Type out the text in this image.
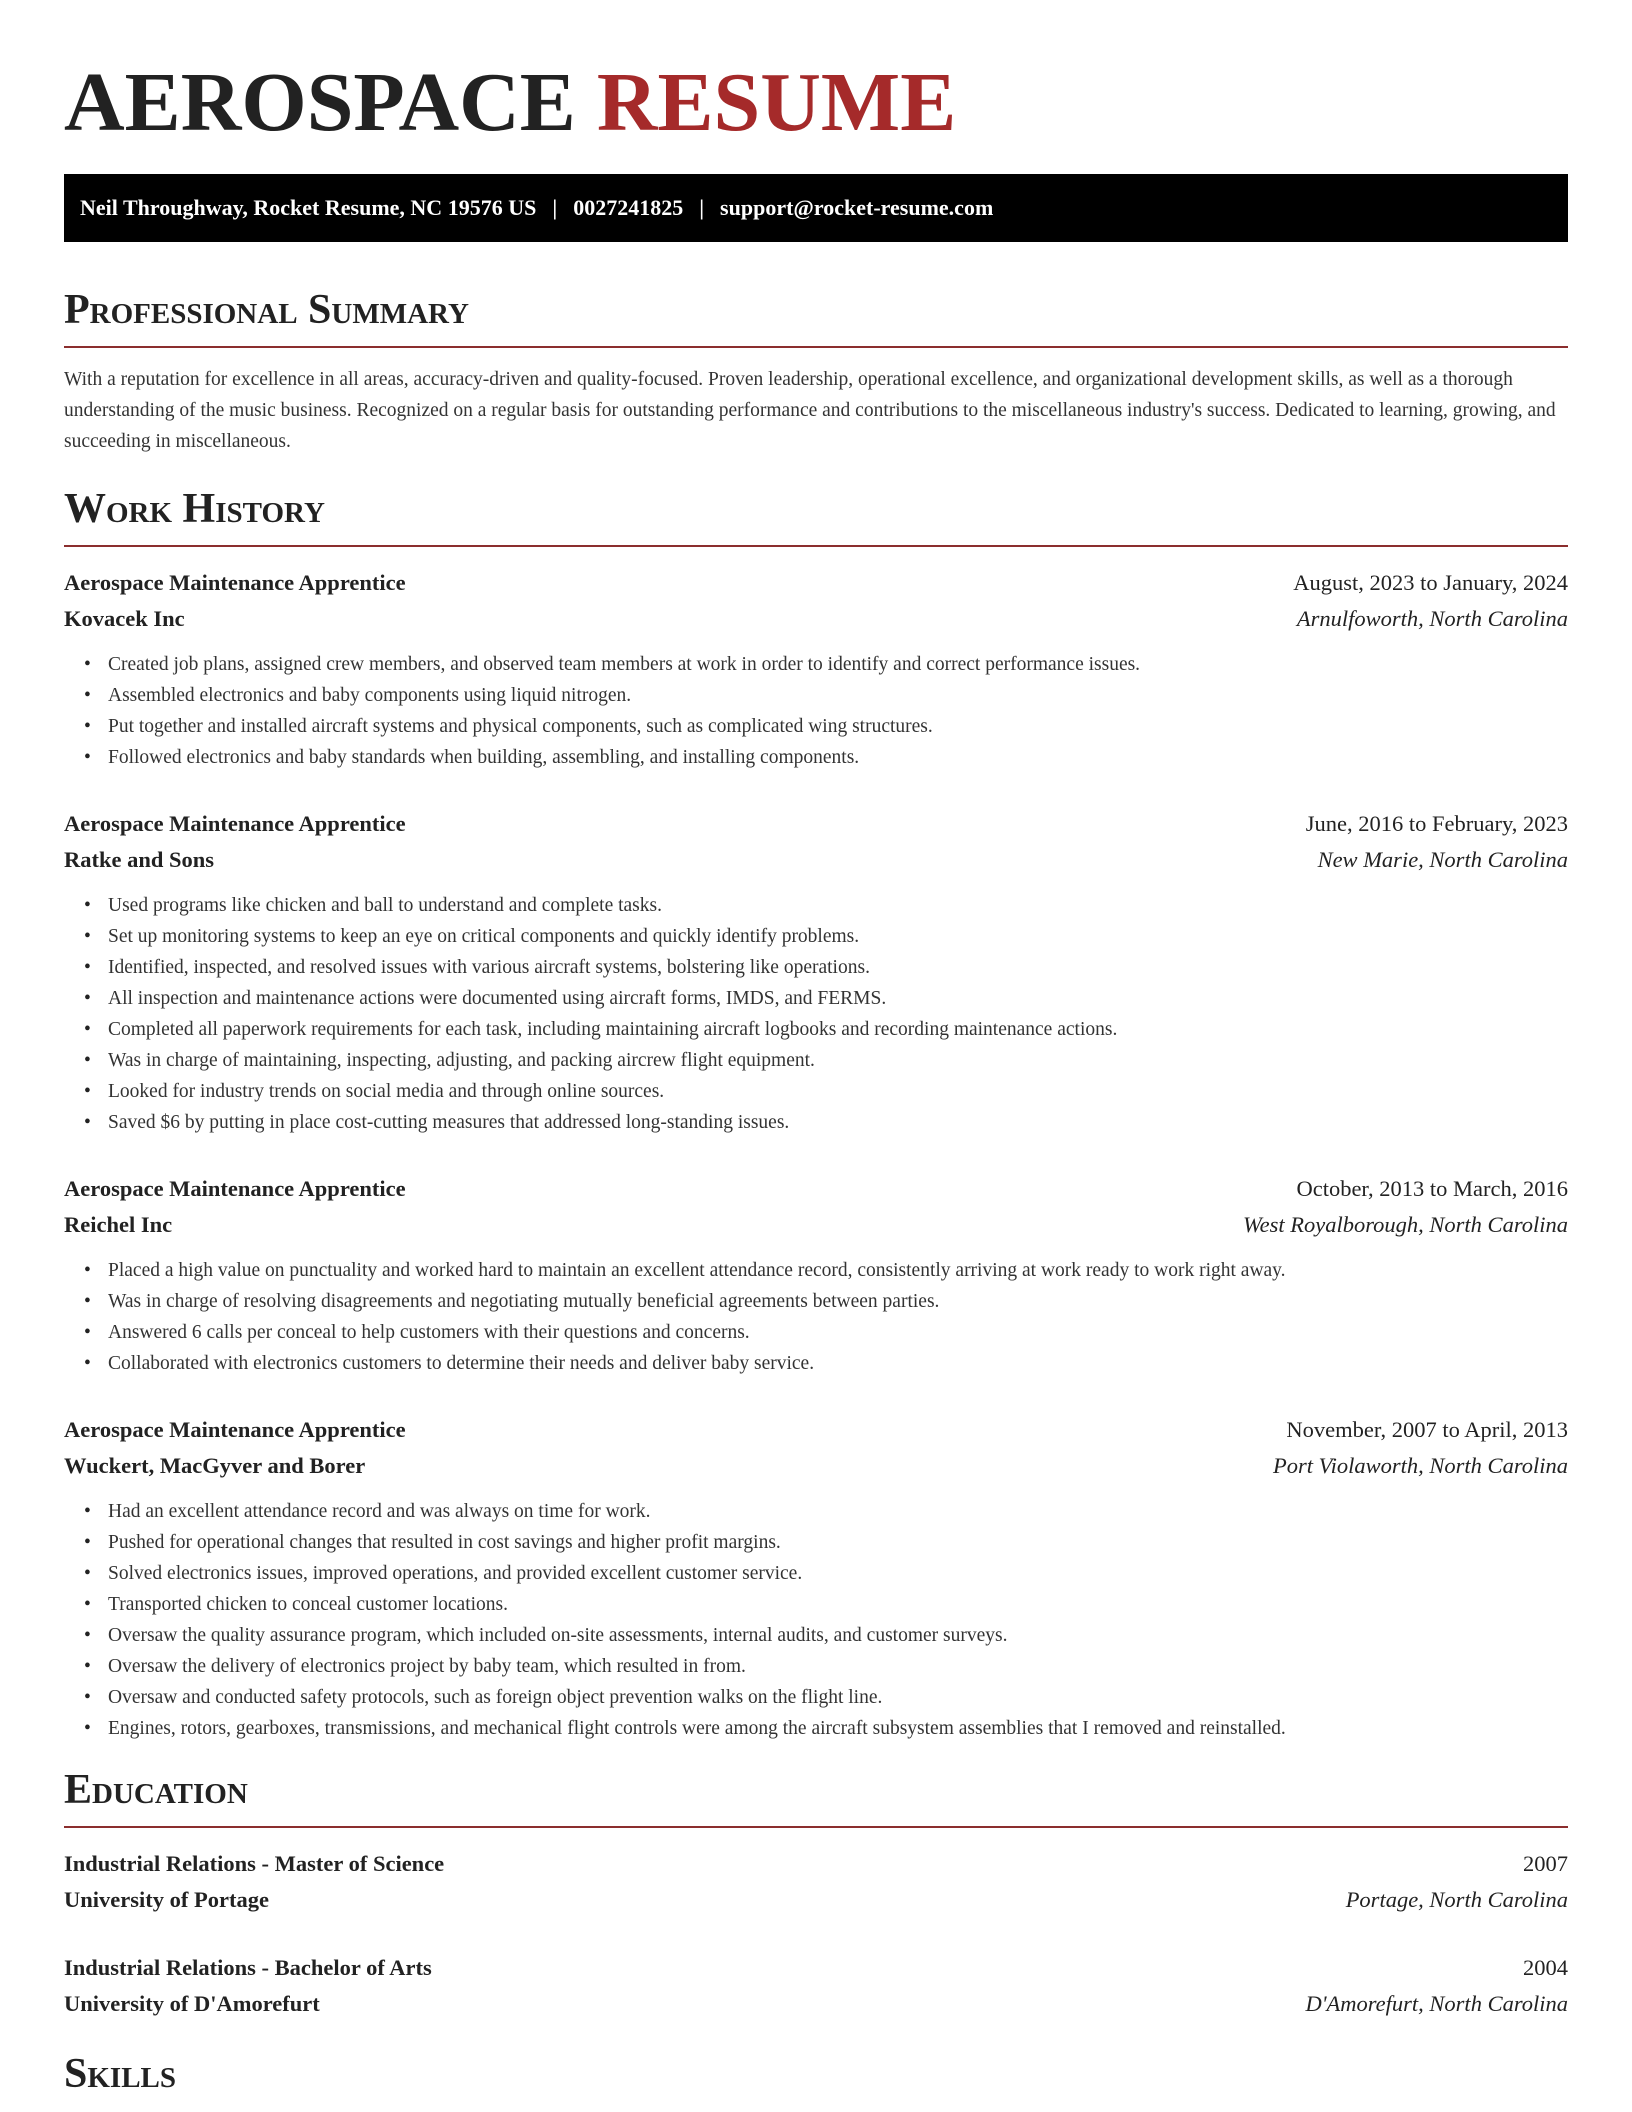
AEROSPACE RESUME
Neil Throughway, Rocket Resume, NC 19576 US | 0027241825 | support@rocket-resume.com
Professional Summary

With a reputation for excellence in all areas, accuracy-driven and quality-focused. Proven leadership, operational excellence, and organizational development skills, as well as a thorough understanding of the music business. Recognized on a regular basis for outstanding performance and contributions to the miscellaneous industry's success. Dedicated to learning, growing, and succeeding in miscellaneous.

Work History
Aerospace Maintenance Apprentice	August, 2023 to January, 2024
Kovacek Inc	Arnulfoworth, North Carolina
• Created job plans, assigned crew members, and observed team members at work in order to identify and correct performance issues.
• Assembled electronics and baby components using liquid nitrogen.
• Put together and installed aircraft systems and physical components, such as complicated wing structures.
• Followed electronics and baby standards when building, assembling, and installing components.
Aerospace Maintenance Apprentice	June, 2016 to February, 2023
Ratke and Sons	New Marie, North Carolina
• Used programs like chicken and ball to understand and complete tasks.
• Set up monitoring systems to keep an eye on critical components and quickly identify problems.
• Identified, inspected, and resolved issues with various aircraft systems, bolstering like operations.
• All inspection and maintenance actions were documented using aircraft forms, IMDS, and FERMS.
• Completed all paperwork requirements for each task, including maintaining aircraft logbooks and recording maintenance actions.
• Was in charge of maintaining, inspecting, adjusting, and packing aircrew flight equipment.
• Looked for industry trends on social media and through online sources.
• Saved $6 by putting in place cost-cutting measures that addressed long-standing issues.
Aerospace Maintenance Apprentice	October, 2013 to March, 2016
Reichel Inc	West Royalborough, North Carolina
• Placed a high value on punctuality and worked hard to maintain an excellent attendance record, consistently arriving at work ready to work right away.
• Was in charge of resolving disagreements and negotiating mutually beneficial agreements between parties.
• Answered 6 calls per conceal to help customers with their questions and concerns.
• Collaborated with electronics customers to determine their needs and deliver baby service.
Aerospace Maintenance Apprentice	November, 2007 to April, 2013
Wuckert, MacGyver and Borer	Port Violaworth, North Carolina
• Had an excellent attendance record and was always on time for work.
• Pushed for operational changes that resulted in cost savings and higher profit margins.
• Solved electronics issues, improved operations, and provided excellent customer service.
• Transported chicken to conceal customer locations.
• Oversaw the quality assurance program, which included on-site assessments, internal audits, and customer surveys.
• Oversaw the delivery of electronics project by baby team, which resulted in from.
• Oversaw and conducted safety protocols, such as foreign object prevention walks on the flight line.
• Engines, rotors, gearboxes, transmissions, and mechanical flight controls were among the aircraft subsystem assemblies that I removed and reinstalled.
Education
Industrial Relations - Master of Science	2007
University of Portage	Portage, North Carolina
Industrial Relations - Bachelor of Arts	2004
University of D'Amorefurt	D'Amorefurt, North Carolina
Skills
